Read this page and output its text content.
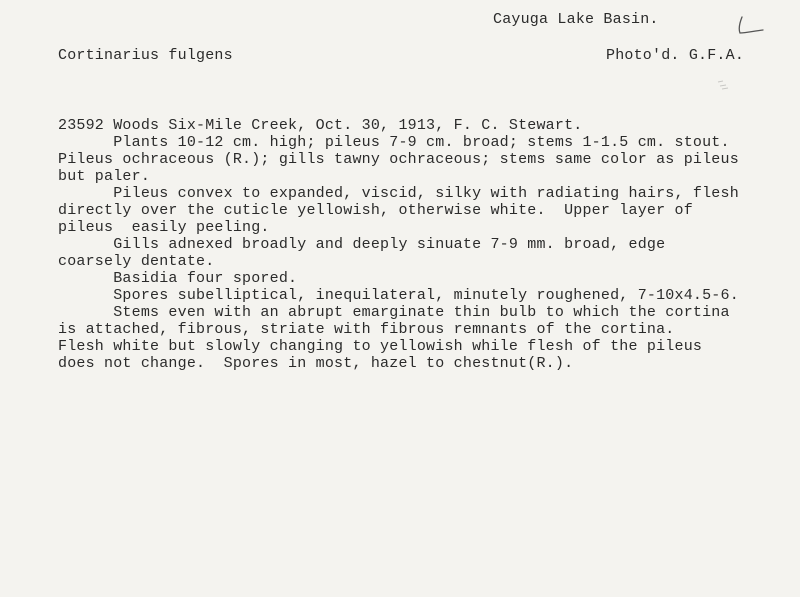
Cayuga Lake Basin.
Cortinarius fulgens	Photo'd. G.F.A.
23592 Woods Six-Mile Creek, Oct. 30, 1913, F. C. Stewart.
Plants 10-12 cm. high; pileus 7-9 cm. broad; stems 1-1.5 cm. stout.
Pileus ochraceous (R.); gills tawny ochraceous; stems same color as pileus
but paler.
Pileus convex to expanded, viscid, silky with radiating hairs, flesh
directly over the cuticle yellowish, otherwise white.  Upper layer of
pileus  easily peeling.
Gills adnexed broadly and deeply sinuate 7-9 mm. broad, edge
coarsely dentate.
Basidia four spored.
Spores subelliptical, inequilateral, minutely roughened, 7-10x4.5-6.
Stems even with an abrupt emarginate thin bulb to which the cortina
is attached, fibrous, striate with fibrous remnants of the cortina.
Flesh white but slowly changing to yellowish while flesh of the pileus
does not change.  Spores in most, hazel to chestnut(R.).
